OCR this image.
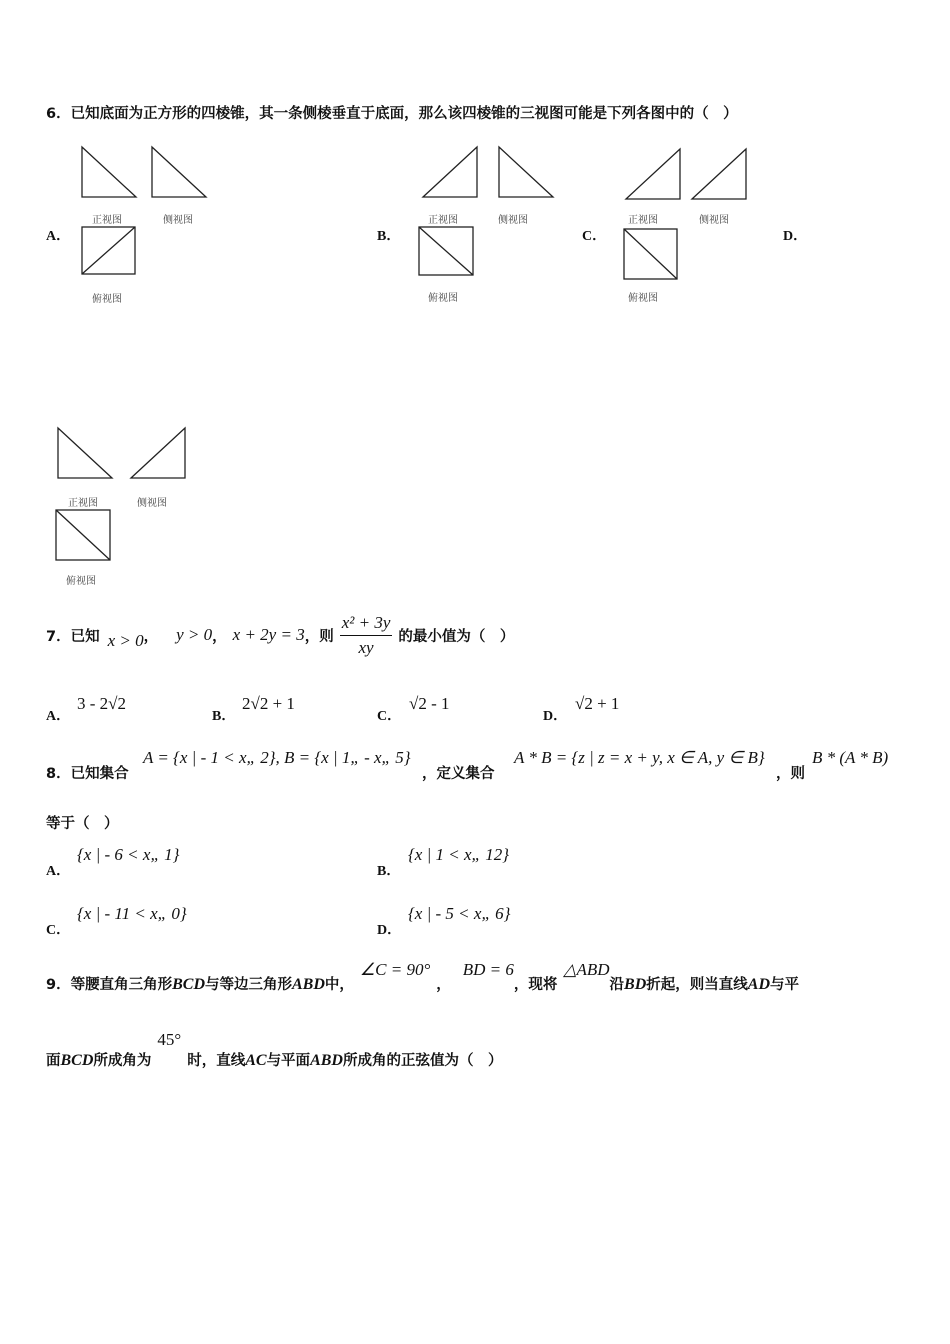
6．已知底面为正方形的四棱锥，其一条侧棱垂直于底面，那么该四棱锥的三视图可能是下列各图中的（　）
A．
正视图	侧视图
俯视图
B．
正视图	侧视图
俯视图
C．
正视图	侧视图
俯视图
D．
正视图	侧视图
俯视图
7．已知 x > 0 ， y > 0 ， x + 2y = 3 ，则 $\frac{\text{x² + 3y}}{xy}$ 的最小值为（　）
A．
3 - 2√2
B．
2√2 + 1
C．
√2 - 1
D．
√2 + 1
8．已知集合
A = {x | - 1 < x„ 2}, B = {x | 1„ - x„ 5}
，定义集合
A * B = {z | z = x + y, x ∈ A, y ∈ B}
，则
B * (A * B)
等于（　）
A．
{x | - 6 < x„ 1}
B．
{x | 1 < x„ 12}
C．
{x | - 11 < x„ 0}
D．
{x | - 5 < x„ 6}
9．等腰直角三角形 BCD 与等边三角形 ABD 中，
∠C = 90°
，
BD = 6
，现将
△ABD
沿 BD 折起，则当直线 AD 与平
面 BCD 所成角为
45°
时，直线 AC 与平面 ABD 所成角的正弦值为（　）
